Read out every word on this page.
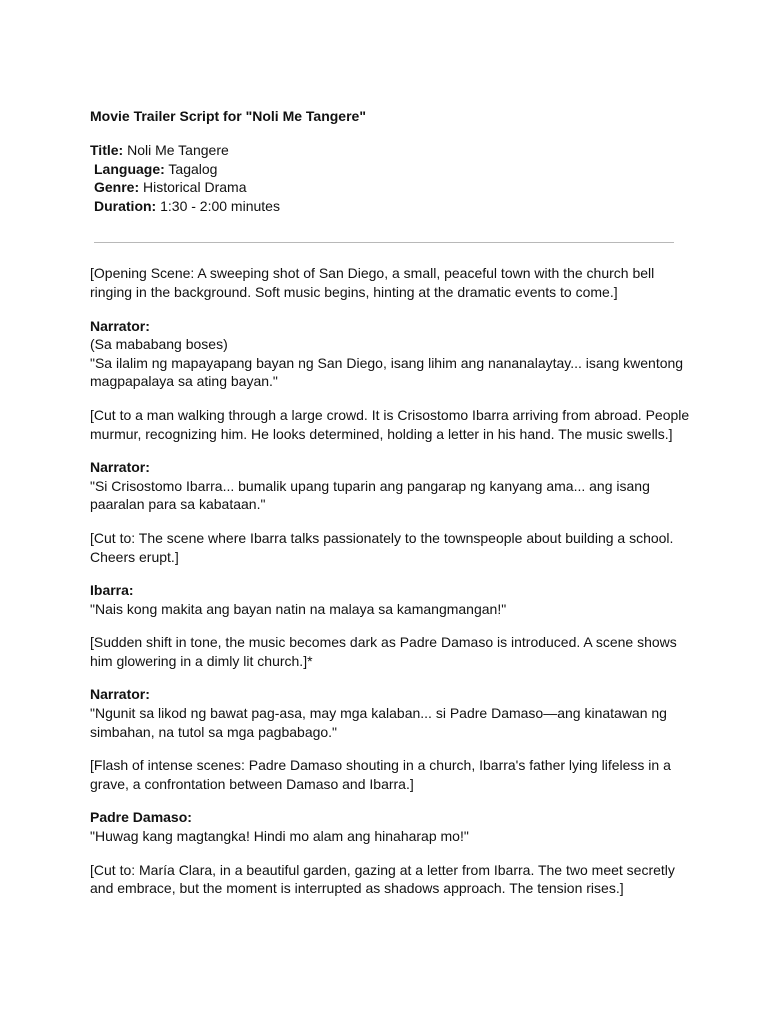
Movie Trailer Script for "Noli Me Tangere"
Title: Noli Me Tangere
Language: Tagalog
Genre: Historical Drama
Duration: 1:30 - 2:00 minutes
[Opening Scene: A sweeping shot of San Diego, a small, peaceful town with the church bell ringing in the background. Soft music begins, hinting at the dramatic events to come.]
Narrator:
(Sa mababang boses)
"Sa ilalim ng mapayapang bayan ng San Diego, isang lihim ang nananalaytay... isang kwentong magpapalaya sa ating bayan."
[Cut to a man walking through a large crowd. It is Crisostomo Ibarra arriving from abroad. People murmur, recognizing him. He looks determined, holding a letter in his hand. The music swells.]
Narrator:
"Si Crisostomo Ibarra... bumalik upang tuparin ang pangarap ng kanyang ama... ang isang paaralan para sa kabataan."
[Cut to: The scene where Ibarra talks passionately to the townspeople about building a school. Cheers erupt.]
Ibarra:
"Nais kong makita ang bayan natin na malaya sa kamangmangan!"
[Sudden shift in tone, the music becomes dark as Padre Damaso is introduced. A scene shows him glowering in a dimly lit church.]*
Narrator:
"Ngunit sa likod ng bawat pag-asa, may mga kalaban... si Padre Damaso—ang kinatawan ng simbahan, na tutol sa mga pagbabago."
[Flash of intense scenes: Padre Damaso shouting in a church, Ibarra's father lying lifeless in a grave, a confrontation between Damaso and Ibarra.]
Padre Damaso:
"Huwag kang magtangka! Hindi mo alam ang hinaharap mo!"
[Cut to: María Clara, in a beautiful garden, gazing at a letter from Ibarra. The two meet secretly and embrace, but the moment is interrupted as shadows approach. The tension rises.]
